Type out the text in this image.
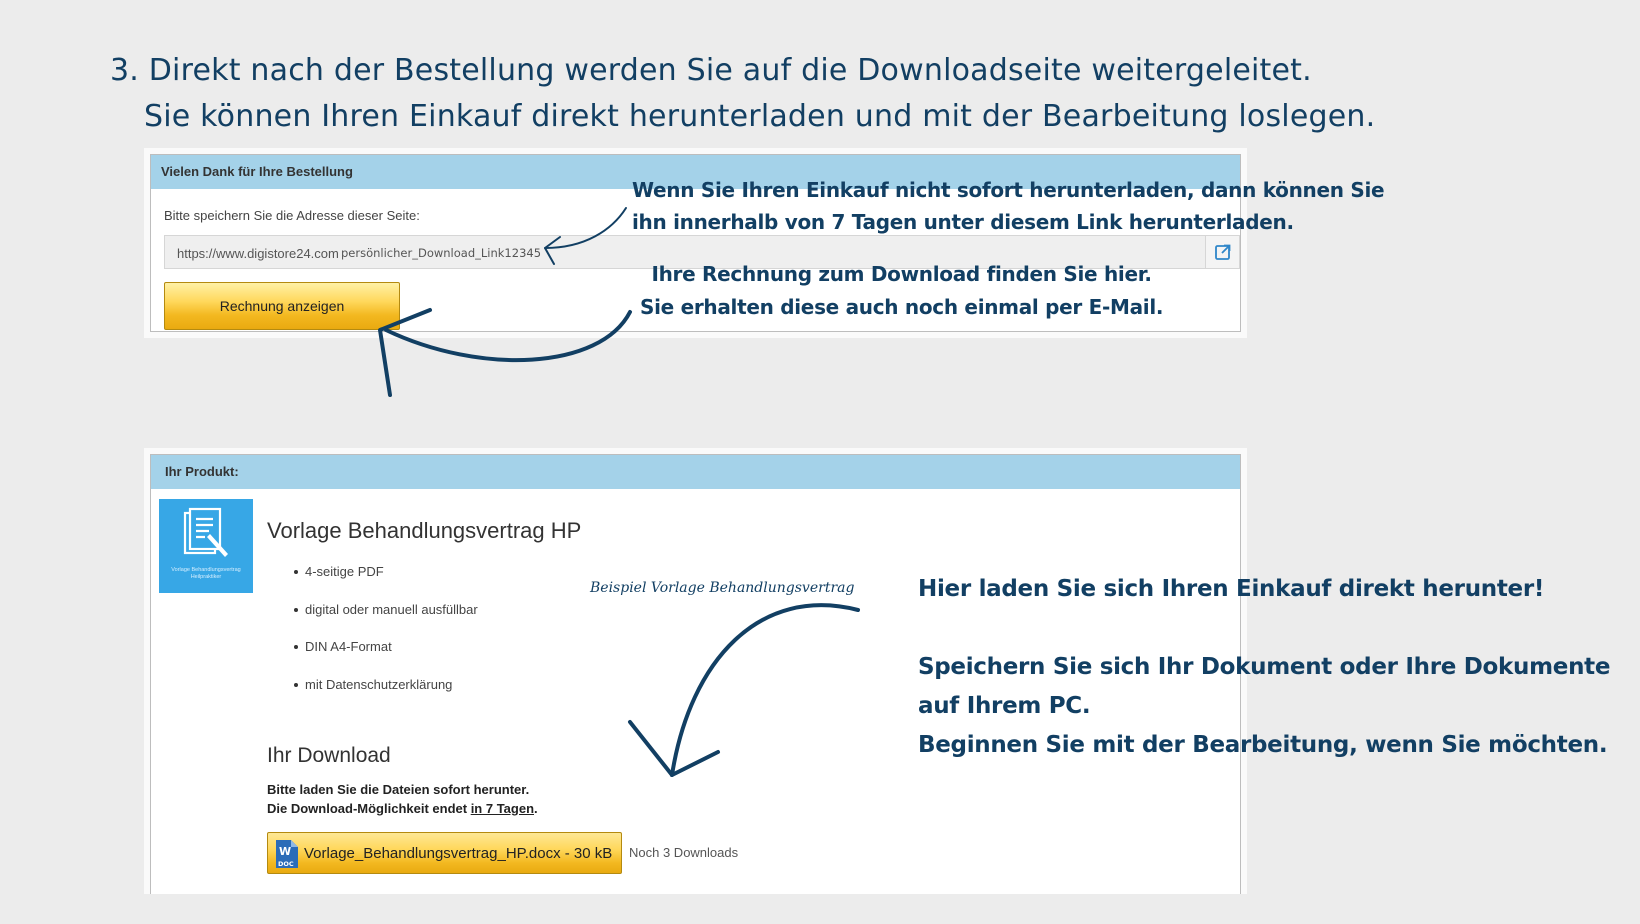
3. Direkt nach der Bestellung werden Sie auf die Downloadseite weitergeleitet.
Sie können Ihren Einkauf direkt herunterladen und mit der Bearbeitung loslegen.
Vielen Dank für Ihre Bestellung
Bitte speichern Sie die Adresse dieser Seite:
https://www.digistore24.com persönlicher_Download_Link12345
Rechnung anzeigen
Wenn Sie Ihren Einkauf nicht sofort herunterladen, dann können Sie
ihn innerhalb von 7 Tagen unter diesem Link herunterladen.
Ihre Rechnung zum Download finden Sie hier.
Sie erhalten diese auch noch einmal per E-Mail.
Ihr Produkt:
Vorlage Behandlungsvertrag
Heilpraktiker
Vorlage Behandlungsvertrag HP
4-seitige PDF
digital oder manuell ausfüllbar
DIN A4-Format
mit Datenschutzerklärung
Ihr Download
Bitte laden Sie die Dateien sofort herunter.
Die Download-Möglichkeit endet in 7 Tagen.
W
DOC
Vorlage_Behandlungsvertrag_HP.docx - 30 kB Noch 3 Downloads
Beispiel Vorlage Behandlungsvertrag	Hier laden Sie sich Ihren Einkauf direkt herunter!
Speichern Sie sich Ihr Dokument oder Ihre Dokumente
auf Ihrem PC.
Beginnen Sie mit der Bearbeitung, wenn Sie möchten.
